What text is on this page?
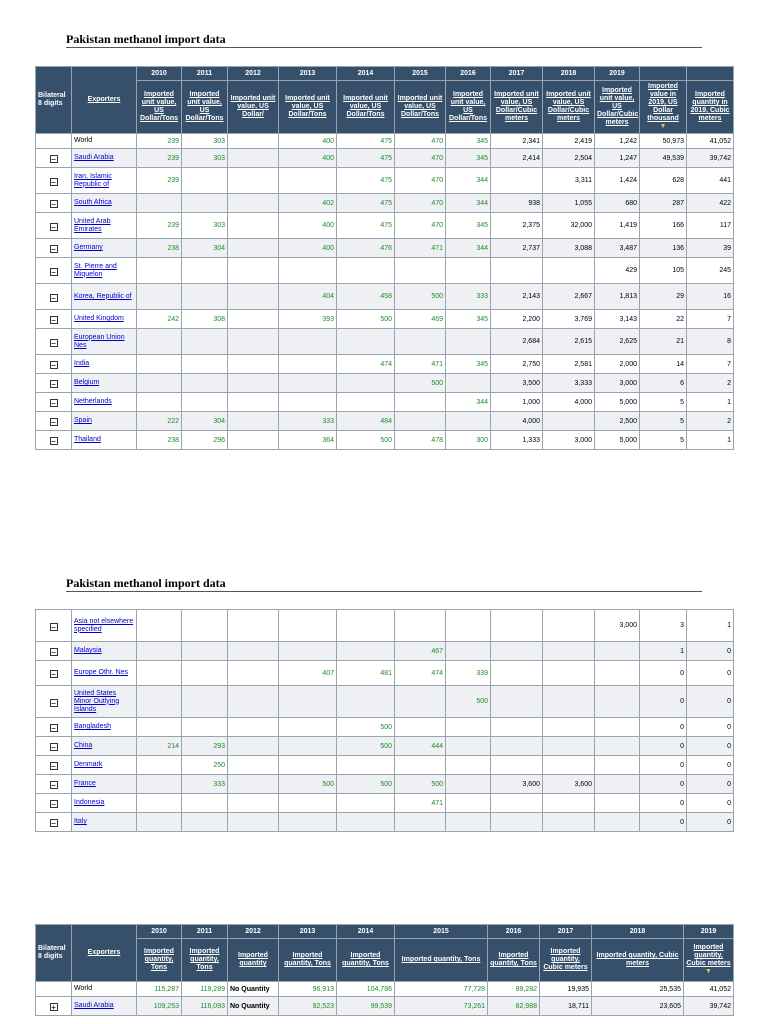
Pakistan methanol import data
Bilateral 8 digits	Exporters	2010	2011	2012	2013	2014	2015	2016	2017	2018	2019		
		Imported unit value, US Dollar/Tons	Imported unit value, US Dollar/Tons	Imported unit value, US Dollar/	Imported unit value, US Dollar/Tons	Imported unit value, US Dollar/Tons	Imported unit value, US Dollar/Tons	Imported unit value, US Dollar/Tons	Imported unit value, US Dollar/Cubic meters	Imported unit value, US Dollar/Cubic meters	Imported unit value, US Dollar/Cubic meters	Imported value in 2019, US Dollar thousand
▼	Imported quantity in 2019, Cubic meters
	World	239	303		400	475	470	345	2,341	2,419	1,242	50,973	41,052
−	Saudi Arabia	239	303		400	475	470	345	2,414	2,504	1,247	49,539	39,742
−	Iran, Islamic Republic of	239				475	470	344		3,311	1,424	628	441
−	South Africa				402	475	470	344	938	1,055	680	287	422
−	United Arab Emirates	239	303		400	475	470	345	2,375	32,000	1,419	166	117
−	Germany	238	304		400	476	471	344	2,737	3,088	3,487	136	39
−	St. Pierre and Miquelon										429	105	245
−	Korea, Republic of				404	458	500	333	2,143	2,667	1,813	29	16
−	United Kingdom	242	308		393	500	469	345	2,200	3,769	3,143	22	7
−	European Union Nes								2,684	2,615	2,625	21	8
−	India					474	471	345	2,750	2,581	2,000	14	7
−	Belgium						500		3,500	3,333	3,000	6	2
−	Netherlands							344	1,000	4,000	5,000	5	1
−	Spain	222	304		333	484			4,000		2,500	5	2
−	Thailand	238	296		364	500	478	300	1,333	3,000	5,000	5	1
Pakistan methanol import data
−	Asia not elsewhere specified										3,000	3	1
−	Malaysia						467					1	0
−	Europe Othr. Nes				407	481	474	339				0	0
−	United States Minor Outlying Islands							500				0	0
−	Bangladesh					500						0	0
−	China	214	293			500	444					0	0
−	Denmark		250									0	0
−	France		333		500	500	500		3,600	3,600		0	0
−	Indonesia						471					0	0
−	Italy											0	0
Bilateral 8 digits	Exporters	2010	2011	2012	2013	2014	2015	2016	2017	2018	2019
		Imported quantity, Tons	Imported quantity, Tons	Imported quantity	Imported quantity, Tons	Imported quantity, Tons	Imported quantity, Tons	Imported quantity, Tons	Imported quantity, Cubic meters	Imported quantity, Cubic meters	Imported quantity, Cubic meters
▼
	World	115,287	119,289	No Quantity	96,913	104,786	77,728	89,282	19,935	25,535	41,052
+	Saudi Arabia	109,253	116,093	No Quantity	92,523	99,539	73,261	82,988	18,711	23,605	39,742
